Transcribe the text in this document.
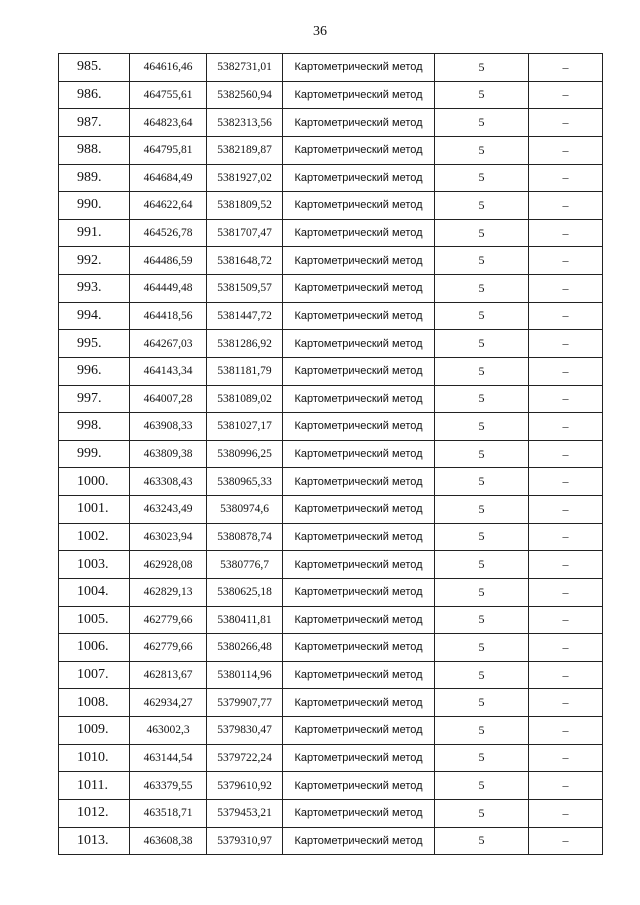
36
985.	464616,46	5382731,01	Картометрический метод	5	–
986.	464755,61	5382560,94	Картометрический метод	5	–
987.	464823,64	5382313,56	Картометрический метод	5	–
988.	464795,81	5382189,87	Картометрический метод	5	–
989.	464684,49	5381927,02	Картометрический метод	5	–
990.	464622,64	5381809,52	Картометрический метод	5	–
991.	464526,78	5381707,47	Картометрический метод	5	–
992.	464486,59	5381648,72	Картометрический метод	5	–
993.	464449,48	5381509,57	Картометрический метод	5	–
994.	464418,56	5381447,72	Картометрический метод	5	–
995.	464267,03	5381286,92	Картометрический метод	5	–
996.	464143,34	5381181,79	Картометрический метод	5	–
997.	464007,28	5381089,02	Картометрический метод	5	–
998.	463908,33	5381027,17	Картометрический метод	5	–
999.	463809,38	5380996,25	Картометрический метод	5	–
1000.	463308,43	5380965,33	Картометрический метод	5	–
1001.	463243,49	5380974,6	Картометрический метод	5	–
1002.	463023,94	5380878,74	Картометрический метод	5	–
1003.	462928,08	5380776,7	Картометрический метод	5	–
1004.	462829,13	5380625,18	Картометрический метод	5	–
1005.	462779,66	5380411,81	Картометрический метод	5	–
1006.	462779,66	5380266,48	Картометрический метод	5	–
1007.	462813,67	5380114,96	Картометрический метод	5	–
1008.	462934,27	5379907,77	Картометрический метод	5	–
1009.	463002,3	5379830,47	Картометрический метод	5	–
1010.	463144,54	5379722,24	Картометрический метод	5	–
1011.	463379,55	5379610,92	Картометрический метод	5	–
1012.	463518,71	5379453,21	Картометрический метод	5	–
1013.	463608,38	5379310,97	Картометрический метод	5	–
